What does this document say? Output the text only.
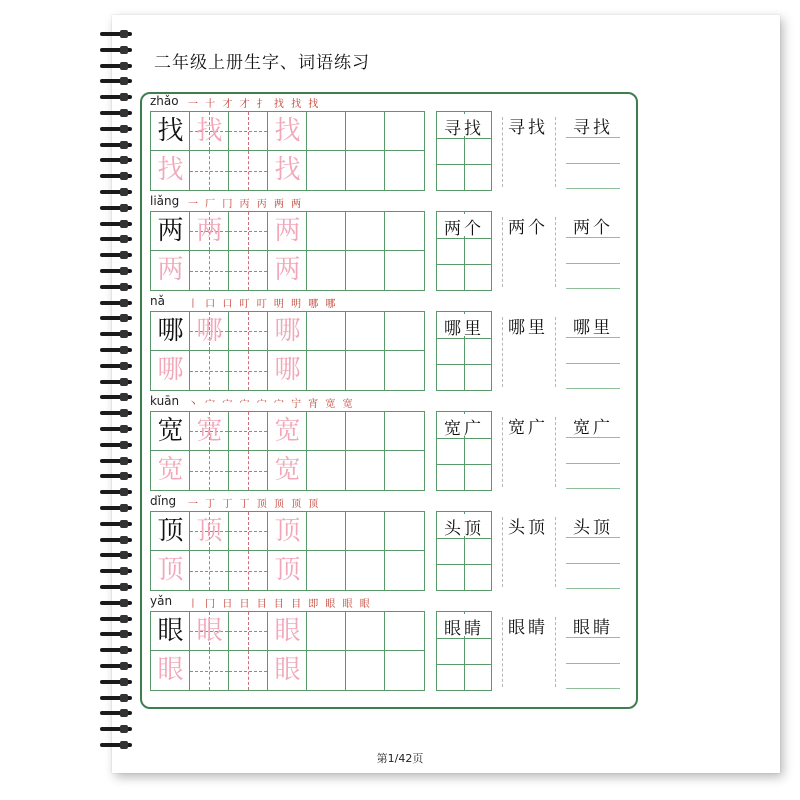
二年级上册生字、词语练习
zhǎo 一 十 才 才 扌 找 找 找
找 找 找
找	找
寻找	寻找	寻找
liǎng 一 厂 冂 丙 丙 两 两
两 两 两
两	两
两个	两个	两个
nǎ 丨 口 口 叮 叮 明 明 哪 哪
哪 哪 哪
哪	哪
哪里	哪里	哪里
kuān 丶 宀 宀 宀 宀 宀 宁 宵 宽 宽
宽 宽 宽
宽	宽
宽广	宽广	宽广
dǐng 一 丁 丁 丁 顶 顶 顶 顶
顶 顶 顶
顶	顶
头顶	头顶	头顶
yǎn 丨 冂 日 日 目 目 目 即 眼 眼 眼
眼 眼 眼
眼	眼
眼睛	眼睛	眼睛
第1/42页
